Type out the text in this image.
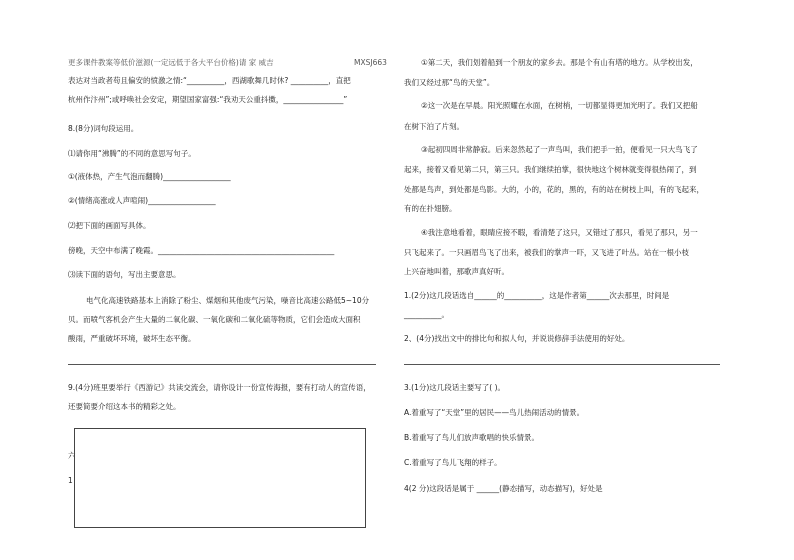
更多课件教案等低价滋源(一定远低于各大平台价格)请 家 威吉	MXSJ663
表达对当政者苟且偏安的愤激之情:“__________，西湖歌舞几时休? __________，直把
杭州作汴州”;或呼唤社会安定，期望国家富强:“我劝天公重抖擞，________________”
8.(8分)词句段运用。
⑴请你用“沸腾”的不同的意思写句子。
①(液体热，产生气泡而翻腾)__________________
②(情绪高涨或人声喧闹)__________________
⑵把下面的画面写具体。
傍晚，天空中布满了晚霞。_______________________________________________
⑶读下面的语句，写出主要意思。
电气化高速铁路基本上消除了粉尘、煤烟和其他废气污染，噪音比高速公路低5~10分
贝。而喷气客机会产生大量的二氧化碳、一氧化碳和二氧化硫等物质，它们会造成大面积
酸雨，严重破坏环境，破坏生态平衡。
9.(4分)班里要举行《西游记》共读交流会，请你设计一份宣传海报，要有打动人的宣传语，
还要简要介绍这本书的精彩之处。
六
1
①第二天，我们划着船到一个朋友的家乡去。那是个有山有塔的地方。从学校出发，
我们又经过那“鸟的天堂”。
②这一次是在早晨。阳光照耀在水面，在树梢，一切都显得更加光明了。我们又把船
在树下泊了片刻。
③起初四周非常静寂。后来忽然起了一声鸟叫，我们把手一拍，便看见一只大鸟飞了
起来，接着又看见第二只，第三只。我们继续拍掌，很快地这个树林就变得很热闹了，到
处都是鸟声，到处都是鸟影。大的，小的，花的，黑的，有的站在树枝上叫，有的飞起来，
有的在扑翅膀。
④我注意地看着，眼睛应接不暇，看清楚了这只，又错过了那只，看见了那只，另一
只飞起来了。一只画眉鸟飞了出来，被我们的掌声一吓，又飞进了叶丛。站在一根小枝
上兴奋地叫着，那歌声真好听。
1.(2分)这几段话选自______的__________，这是作者第______次去那里，时间是
__________。
2、(4分)找出文中的排比句和拟人句，并说说修辞手法使用的好处。
3.(1分)这几段话主要写了( )。
A.着重写了“天堂”里的居民——鸟儿热闹活动的情景。
B.着重写了鸟儿们放声歌唱的快乐情景。
C.着重写了鸟儿飞翔的样子。
4(2 分)这段话是属于 ______(静态描写，动态描写)，好处是
